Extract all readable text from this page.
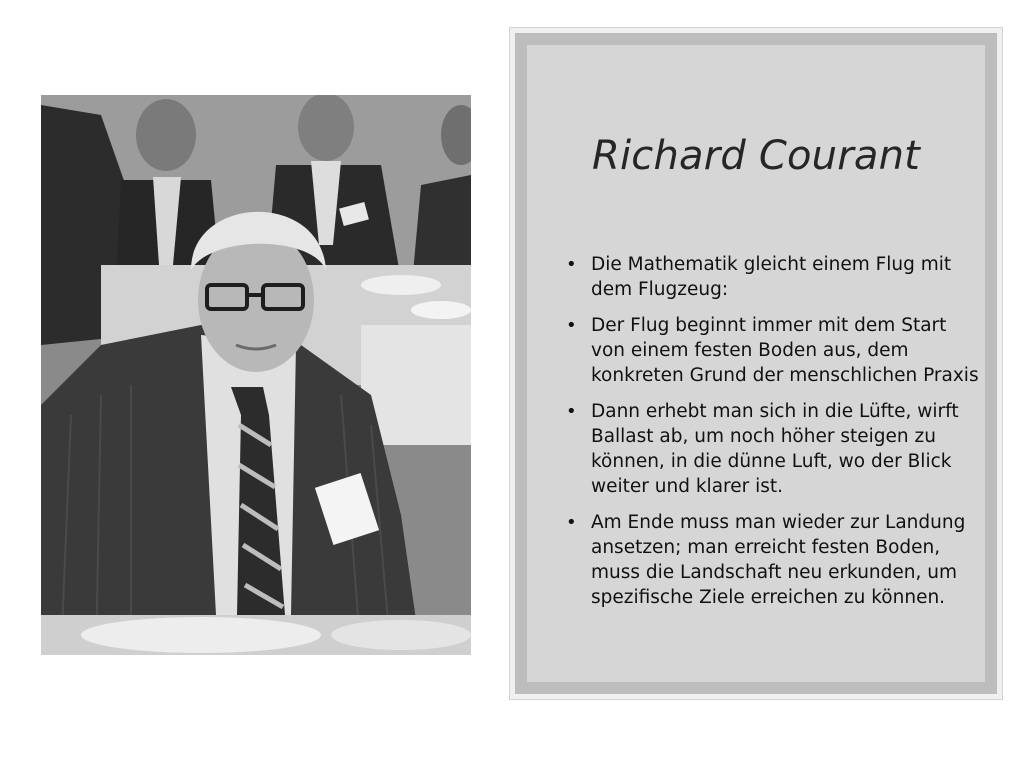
Richard Courant
• Die Mathematik gleicht einem Flug mit dem Flugzeug:
• Der Flug beginnt immer mit dem Start von einem festen Boden aus, dem konkreten Grund der menschlichen Praxis
• Dann erhebt man sich in die Lüfte, wirft Ballast ab, um noch höher steigen zu können, in die dünne Luft, wo der Blick weiter und klarer ist.
• Am Ende muss man wieder zur Landung ansetzen; man erreicht festen Boden, muss die Landschaft neu erkunden, um spezifische Ziele erreichen zu können.
